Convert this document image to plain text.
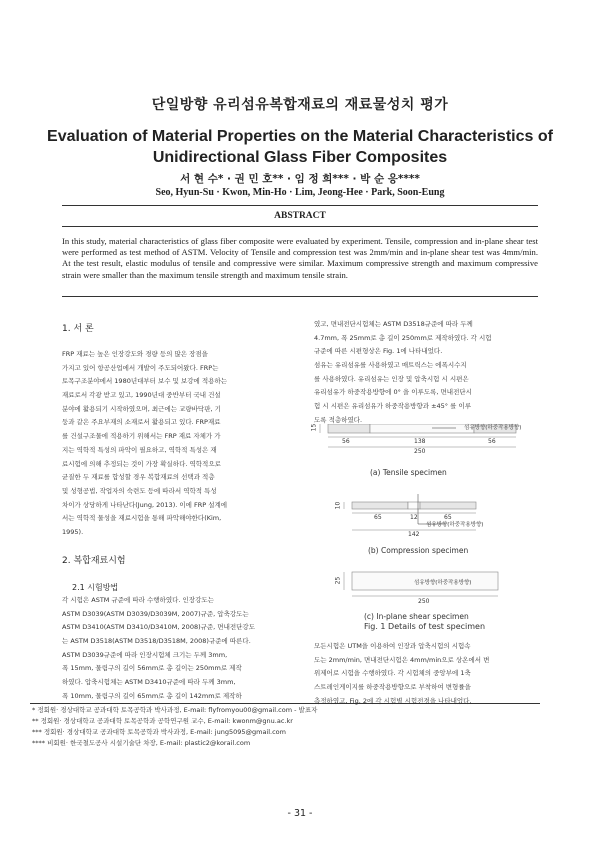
단일방향 유리섬유복합재료의 재료물성치 평가
Evaluation of Material Properties on the Material Characteristics of
Unidirectional Glass Fiber Composites
서 현 수* · 권 민 호** · 임 정 희*** · 박 순 응****
Seo, Hyun-Su · Kwon, Min-Ho · Lim, Jeong-Hee · Park, Soon-Eung
ABSTRACT
In this study, material characteristics of glass fiber composite were evaluated by experiment. Tensile, compression and in-plane shear test were performed as test method of ASTM. Velocity of Tensile and compression test was 2mm/min and in-plane shear test was 4mm/min. At the test result, elastic modulus of tensile and compressive were similar. Maximum compressive strength and maximum compressive strain were smaller than the maximum tensile strength and maximum tensile strain.
1. 서 론
FRP 재료는 높은 인장강도와 경량 등의 많은 장점을
가지고 있어 항공산업에서 개발이 주도되어왔다. FRP는
토목구조분야에서 1980년대부터 보수 및 보강에 적용하는
재료로서 각광 받고 있고, 1990년대 중반부터 국내 건설
분야에 활용되기 시작하였으며, 최근에는 교량바닥판, 기
둥과 같은 주요부재의 소재로서 활용되고 있다. FRP재료
를 건설구조물에 적용하기 위해서는 FRP 재료 자체가 가
지는 역학적 특성의 파악이 필요하고, 역학적 특성은 재
료시험에 의해 추정되는 것이 가장 확실하다. 역학적으로
균질한 두 재료를 합성할 경우 복합재료의 선택과 적층
및 성형공법, 작업자의 숙련도 등에 따라서 역학적 특성
차이가 상당하게 나타난다(Jung, 2013). 이에 FRP 설계에
서는 역학적 물성을 재료시험을 통해 파악해야한다(Kim,
1995).
2. 복합재료시험
2.1 시험방법
각 시험은 ASTM 규준에 따라 수행하였다. 인장강도는
ASTM D3039(ASTM D3039/D3039M, 2007)규준, 압축강도는
ASTM D3410(ASTM D3410/D3410M, 2008)규준, 면내전단강도
는 ASTM D3518(ASTM D3518/D3518M, 2008)규준에 따른다.
ASTM D3039규준에 따라 인장시험체 크기는 두께 3mm,
폭 15mm, 물림구의 길이 56mm로 총 길이는 250mm로 제작
하였다. 압축시험체는 ASTM D3410규준에 따라 두께 3mm,
폭 10mm, 물림구의 길이 65mm로 총 길이 142mm로 제작하
였고, 면내전단시험체는 ASTM D3518규준에 따라 두께
4.7mm, 폭 25mm로 총 길이 250mm로 제작하였다. 각 시험
규준에 따른 시편형상은 Fig. 1에 나타내었다.
섬유는 유리섬유를 사용하였고 매트릭스는 에폭시수지
를 사용하였다. 유리섬유는 인장 및 압축시험 시 시편은
유리섬유가 하중작용방향에 0° 을 이루도록, 면내전단시
험 시 시편은 유리섬유가 하중작용방향과 ±45° 를 이루
도록 적층하였다.
섬유방향(하중작용방향)
15
56	138	56
250
(a) Tensile specimen
섬유방향(하중작용방향)
10
65	12	65
142
(b) Compression specimen
섬유방향(하중작용방향)
25
250
(c) In-plane shear specimen
Fig. 1 Details of test specimen
모든시험은 UTM을 이용하여 인장과 압축시험의 시험속
도는 2mm/min, 면내전단시험은 4mm/min으로 상온에서 변
위제어로 시험을 수행하였다. 각 시험체의 중앙부에 1축
스트레인게이지를 하중작용방향으로 부착하여 변형률을
측정하였고, Fig. 2에 각 시험별 시험전경을 나타내었다.
* 정회원· 경상대학교 공과대학 토목공학과 박사과정, E-mail: flyfromyou00@gmail.com - 발표자
** 정회원· 경상대학교 공과대학 토목공학과 공학연구원 교수, E-mail: kwonm@gnu.ac.kr
*** 정회원· 경상대학교 공과대학 토목공학과 박사과정, E-mail: jung5095@gmail.com
**** 비회원· 한국철도공사 시설기술단 차장, E-mail: plastic2@korail.com
- 31 -
